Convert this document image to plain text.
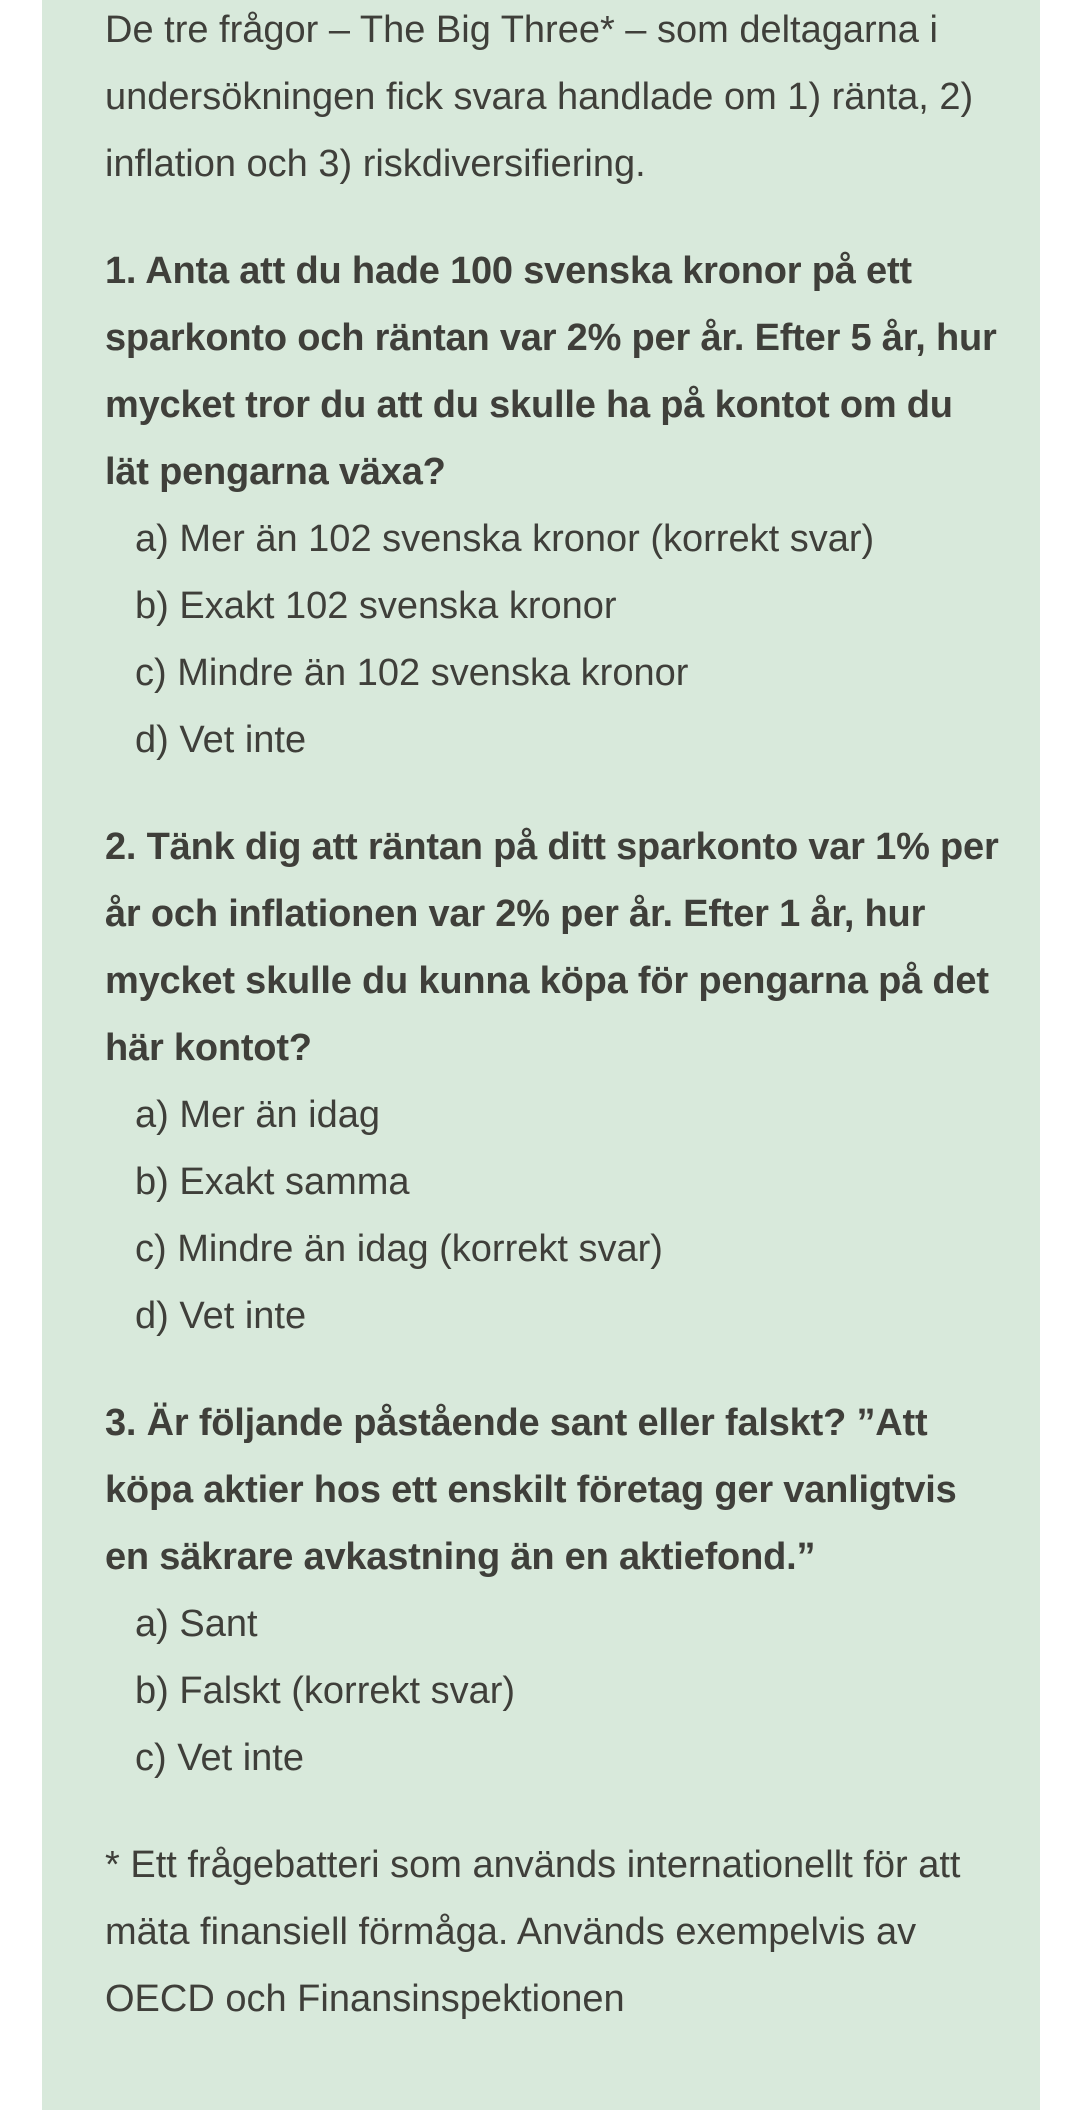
De tre frågor – The Big Three* – som deltagarna i undersökningen fick svara handlade om 1) ränta, 2) inflation och 3) riskdiversifiering.

1. Anta att du hade 100 svenska kronor på ett sparkonto och räntan var 2% per år. Efter 5 år, hur mycket tror du att du skulle ha på kontot om du lät pengarna växa?

a) Mer än 102 svenska kronor (korrekt svar)
b) Exakt 102 svenska kronor
c) Mindre än 102 svenska kronor
d) Vet inte

2. Tänk dig att räntan på ditt sparkonto var 1% per år och inflationen var 2% per år. Efter 1 år, hur mycket skulle du kunna köpa för pengarna på det här kontot?

a) Mer än idag
b) Exakt samma
c) Mindre än idag (korrekt svar)
d) Vet inte

3. Är följande påstående sant eller falskt? ”Att köpa aktier hos ett enskilt företag ger vanligtvis en säkrare avkastning än en aktiefond.”

a) Sant
b) Falskt (korrekt svar)
c) Vet inte

* Ett frågebatteri som används internationellt för att mäta finansiell förmåga. Används exempelvis av OECD och Finansinspektionen
